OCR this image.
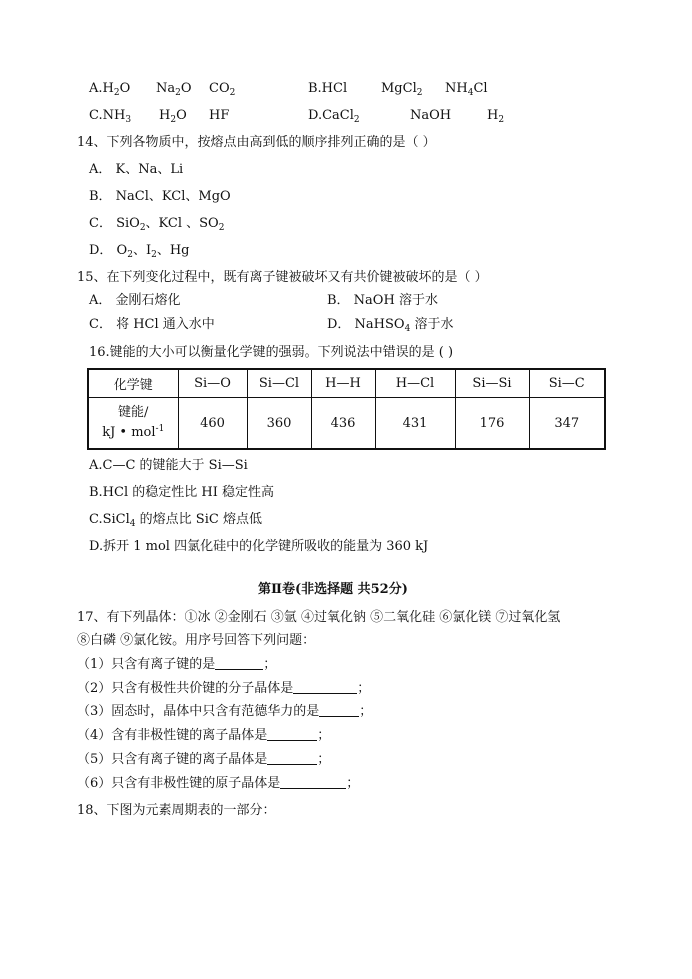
$A.H_2O$ $Na_2O$ $CO_2$	B.HCl	MgCl$_2$ $NH_4Cl$
$C.NH_3$ $H_2O$ HF	D.CaCl$_2$	NaOH	$H_2$
14、下列各物质中，按熔点由高到低的顺序排列正确的是（ ）
A． K、Na、Li
B． NaCl、KCl、MgO
C． SiO$_2$、KCl 、$SO_2$
D． $O_2$、$I_2$、Hg
15、在下列变化过程中，既有离子键被破坏又有共价键被破坏的是（ ）
A． 金刚石熔化	B． NaOH 溶于水
C． 将 HCl 通入水中	D． NaHSO$_4$ 溶于水
16.键能的大小可以衡量化学键的强弱。下列说法中错误的是 ( )
化学键	Si—O	Si—Cl	H—H	H—Cl	Si—Si	Si—C
键能/
kJ • mol$^{-1}$	460	360	436	431	176	347
A.C—C 的键能大于 Si—Si
B.HCl 的稳定性比 HI 稳定性高
C.SiCl$_4$ 的熔点比 SiC 熔点低
D.拆开 1 mol 四氯化硅中的化学键所吸收的能量为 360 kJ
第Ⅱ卷(非选择题 共52分)
17、有下列晶体：①冰 ②金刚石 ③氩 ④过氧化钠 ⑤二氧化硅 ⑥氯化镁 ⑦过氧化氢
⑧白磷 ⑨氯化铵。用序号回答下列问题：
（1）只含有离子键的是	；
（2）只含有极性共价键的分子晶体是	；
（3）固态时，晶体中只含有范德华力的是	；
（4）含有非极性键的离子晶体是	；
（5）只含有离子键的离子晶体是	；
（6）只含有非极性键的原子晶体是	；
18、下图为元素周期表的一部分：
